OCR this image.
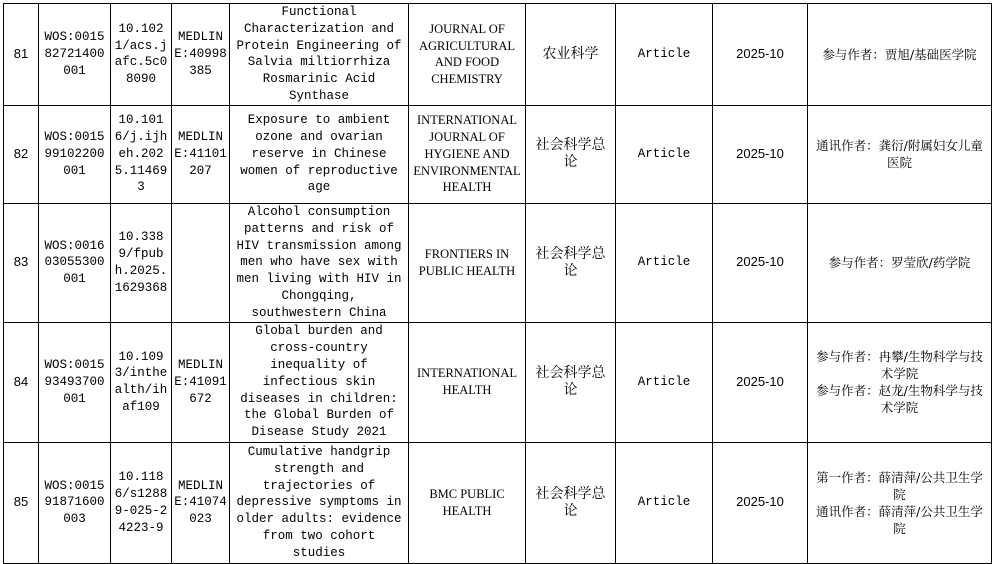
81	WOS:001582721400001	10.1021/acs.jafc.5c08090	MEDLINE:40998385	Functional Characterization and Protein Engineering of Salvia miltiorrhiza Rosmarinic Acid Synthase	JOURNAL OF AGRICULTURAL AND FOOD CHEMISTRY	农业科学	Article	2025-10	参与作者：贾旭/基础医学院

82	WOS:001599102200001	10.1016/j.ijheh.2025.114693	MEDLINE:41101207	Exposure to ambient ozone and ovarian reserve in Chinese women of reproductive age	INTERNATIONAL JOURNAL OF HYGIENE AND ENVIRONMENTAL HEALTH	社会科学总论	Article	2025-10	通讯作者：龚衍/附属妇女儿童医院

83	WOS:001603055300001	10.3389/fpubh.2025.1629368		Alcohol consumption patterns and risk of HIV transmission among men who have sex with men living with HIV in Chongqing, southwestern China	FRONTIERS IN PUBLIC HEALTH	社会科学总论	Article	2025-10	参与作者：罗莹欣/药学院

84	WOS:001593493700001	10.1093/inthealth/ihaf109	MEDLINE:41091672	Global burden and cross-country inequality of infectious skin diseases in children: the Global Burden of Disease Study 2021	INTERNATIONAL HEALTH	社会科学总论	Article	2025-10	参与作者：冉攀/生物科学与技术学院
参与作者：赵龙/生物科学与技术学院

85	WOS:001591871600003	10.1186/s12889-025-24223-9	MEDLINE:41074023	Cumulative handgrip strength and trajectories of depressive symptoms in older adults: evidence from two cohort studies	BMC PUBLIC HEALTH	社会科学总论	Article	2025-10	第一作者：薛清萍/公共卫生学院
通讯作者：薛清萍/公共卫生学院
